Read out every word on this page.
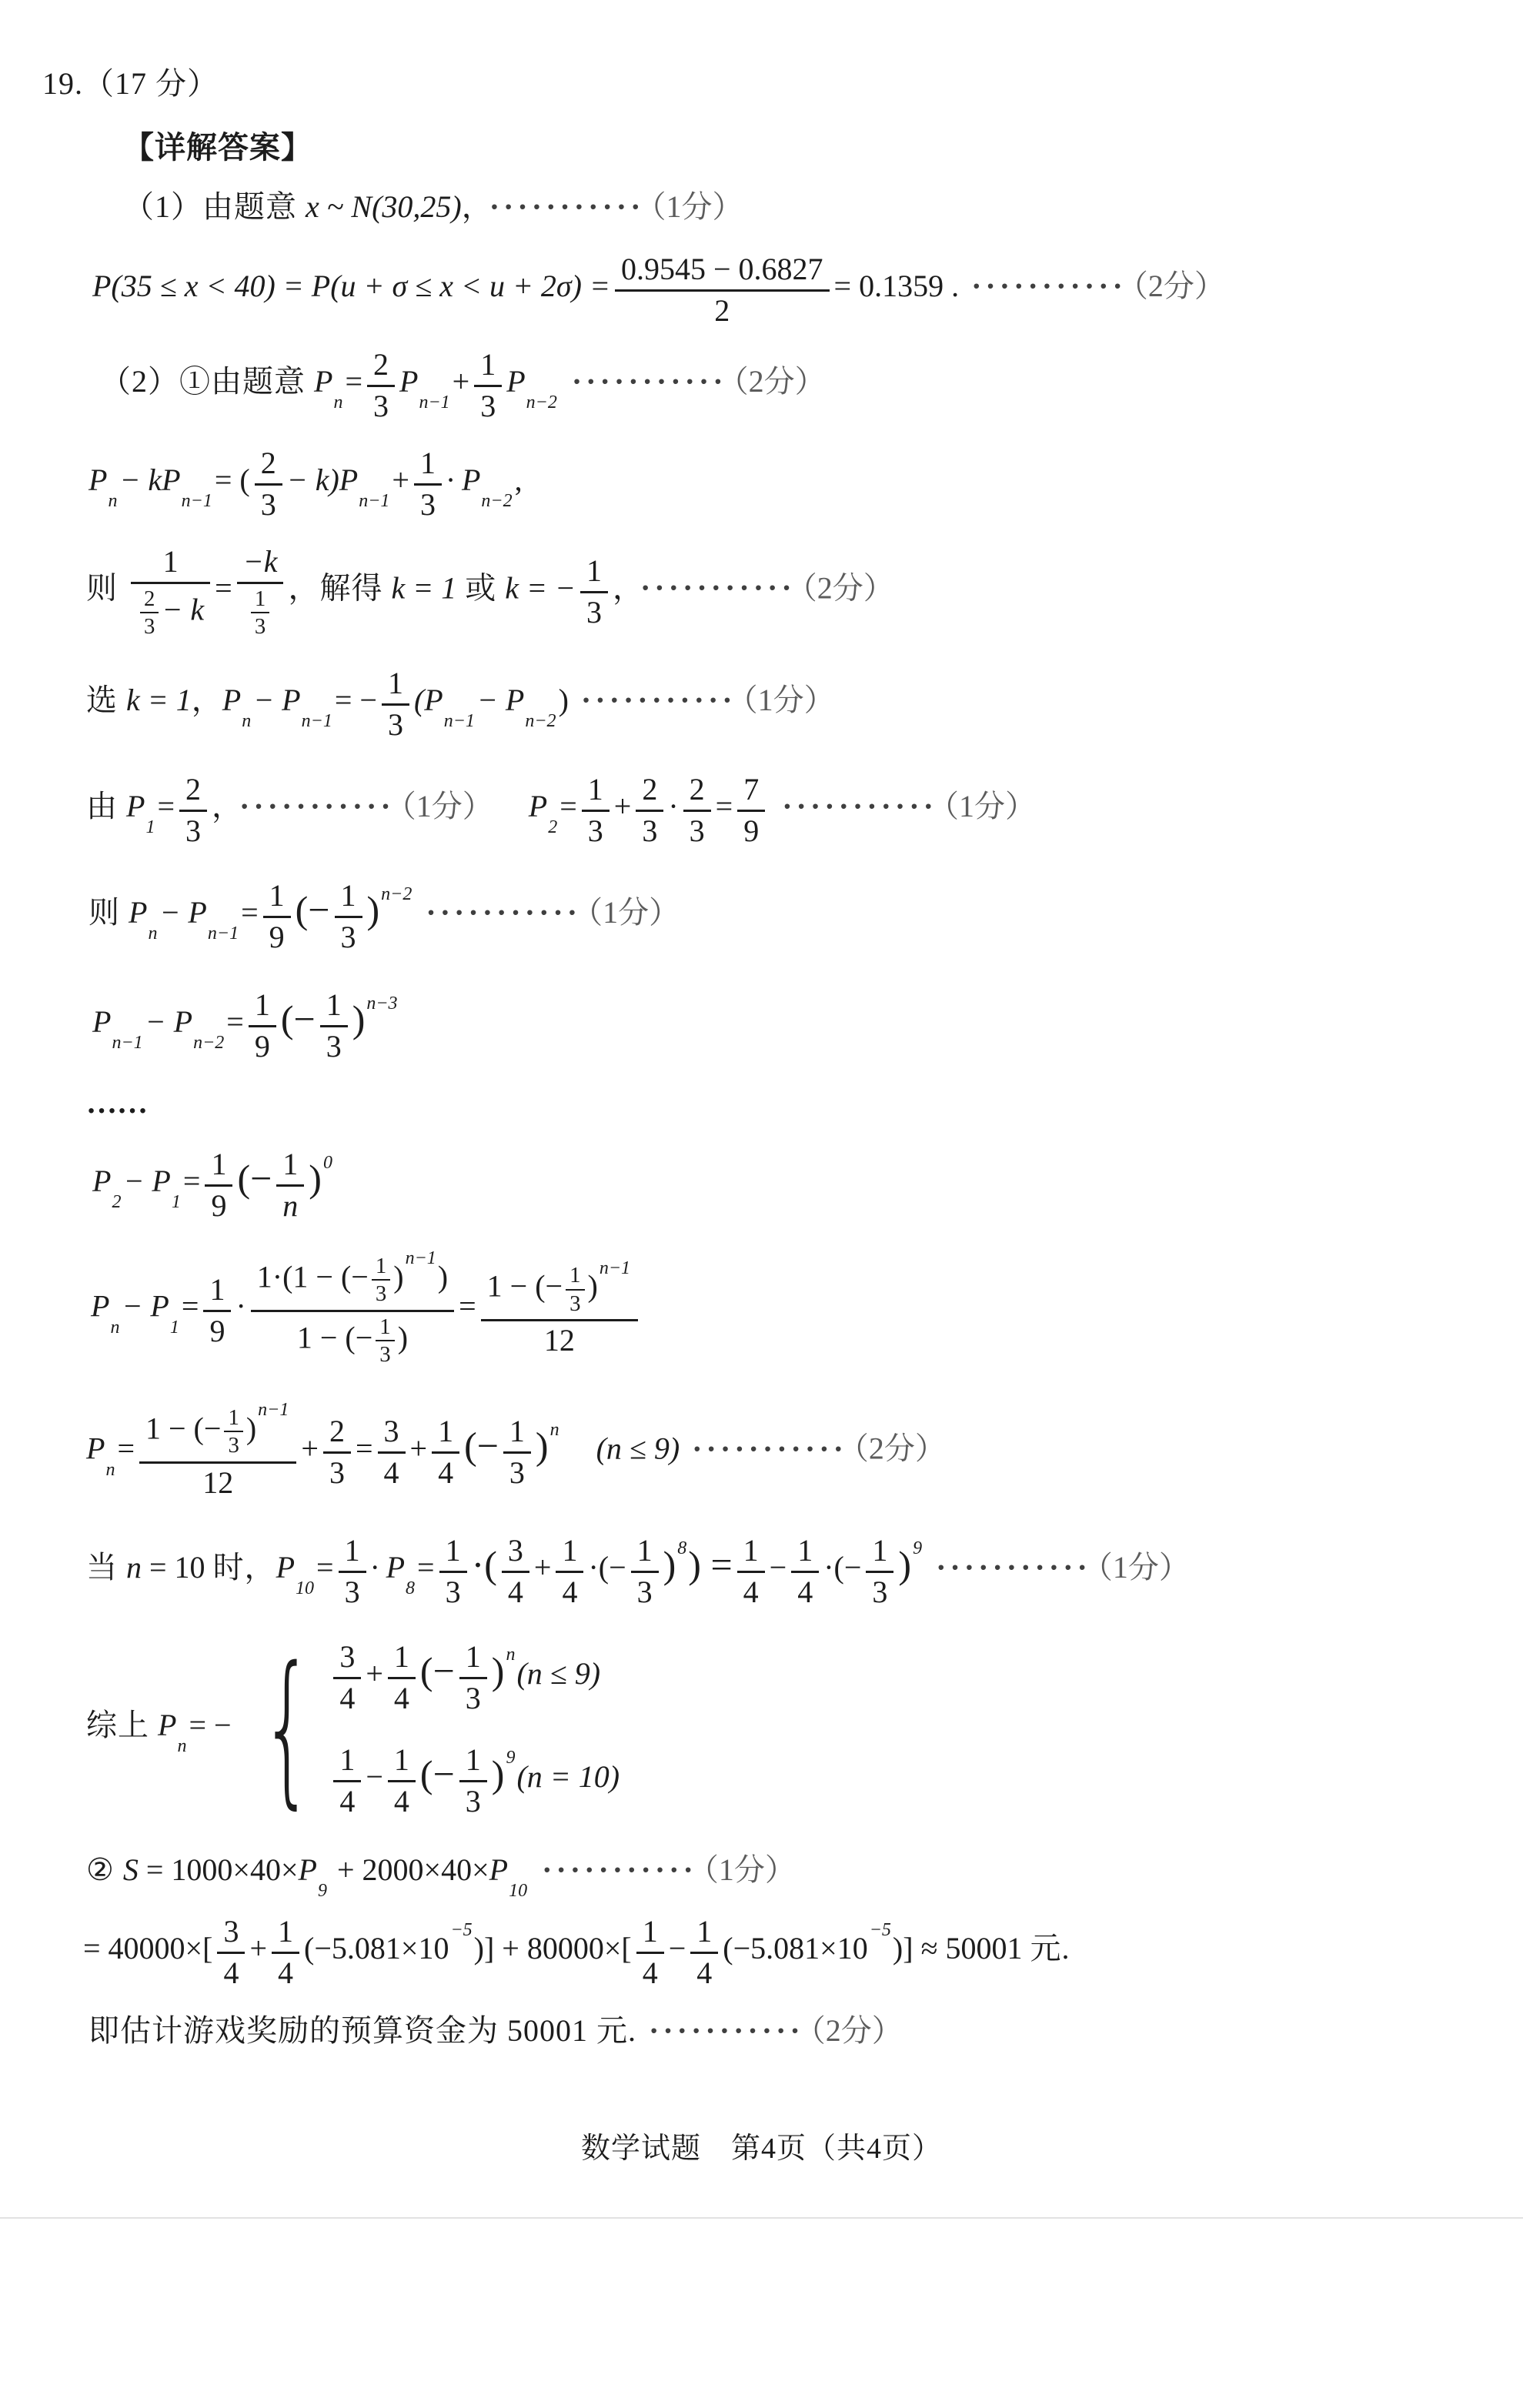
19.（17 分）
【详解答案】
（1）由题意 x ~ N(30,25)， ··········· （1分）
$P(35 \le x < 40) = P(u + \sigma \le x < u + 2\sigma) = \frac{0.9545 - 0.6827}{2} = 0.1359$ . ··········· （2分）
（2）①由题意 $P_n= \frac{2}{3} P_{n-1}+ \frac{1}{3} P_{n-2}\cdot\cdot\cdot\cdot\cdot\cdot\cdot\cdot\cdot\cdot\cdot (2$分）
$P_n- kP_{n-1}=$ ( $\frac{2}{3} - k)P_{n-1}+ \frac{1}{3} \cdot P_{n-2}$,
则 $\frac{1}{\frac{2}{3} - k} = \frac{-k}{\frac{1}{3}}$ ，解得 k = 1 或 k = − $\frac{1}{3}$ ， ··········· （2分）
选 k = 1，$P_n- P_{n-1}= - \frac{1}{3} (P_{n-1}- P_{n-2})$ ··········· （1分）
由 $P_1= \frac{2}{3}$ ， ··········· （1分） $P_2= \frac{1}{3} + \frac{2}{3} \cdot \frac{2}{3} = \frac{7}{9}$ ··········· （1分）
则 $P_n- P_{n-1}= \frac{1}{9}$ (− $\frac{1}{3} )^{n-2}\cdot\cdot\cdot\cdot\cdot\cdot\cdot\cdot\cdot\cdot\cdot (1$分）
$P_{n-1}- P_{n-2}= \frac{1}{9}$ (− $\frac{1}{3} )^{n-3}$
……
$P_2- P_1= \frac{1}{9}$ (− $\frac{1}{n} )^0$
$P_n- P_1= \frac{1}{9} \cdot \frac{1\cdot(1 - (- \frac{1}{3} )^{n-1})}{1 - (- \frac{1}{3} )} = \frac{1 - (- \frac{1}{3} )^{n-1}}{12}$
$P_n= \frac{1 - (- \frac{1}{3} )^{n-1}}{12} + \frac{2}{3} = \frac{3}{4} + \frac{1}{4}$ (− $\frac{1}{3} )^n(n \le 9)$ ··········· （2分）
当 n = 10 时，$P_{10}= \frac{1}{3} \cdot P_8= \frac{1}{3}$ ·( $\frac{3}{4} + \frac{1}{4}$ ·(− $\frac{1}{3} )^8) = \frac{1}{4} - \frac{1}{4}$ ·(− $\frac{1}{3} )^9\cdot\cdot\cdot\cdot\cdot\cdot\cdot\cdot\cdot\cdot\cdot (1$分）
综上 $P_n=$ − { $\frac{3}{4} + \frac{1}{4}$ (− $\frac{1}{3} )^n(n \le 9)$
$\frac{1}{4} - \frac{1}{4}$ (− $\frac{1}{3} )^9(n = 10)$
② $S = 1000\times 40\times P_9 + 2000\times 40\times P_{10}\cdot\cdot\cdot\cdot\cdot\cdot\cdot\cdot\cdot\cdot\cdot (1$分）
= $40000\times[ \frac{3}{4} + \frac{1}{4} (-5.081\times 10^{-5})] + 80000\times[ \frac{1}{4} - \frac{1}{4} (-5.081\times 10^{-5})] \approx 50001$ 元.
即估计游戏奖励的预算资金为 50001 元. ··········· （2分）
数学试题　第4页（共4页）
